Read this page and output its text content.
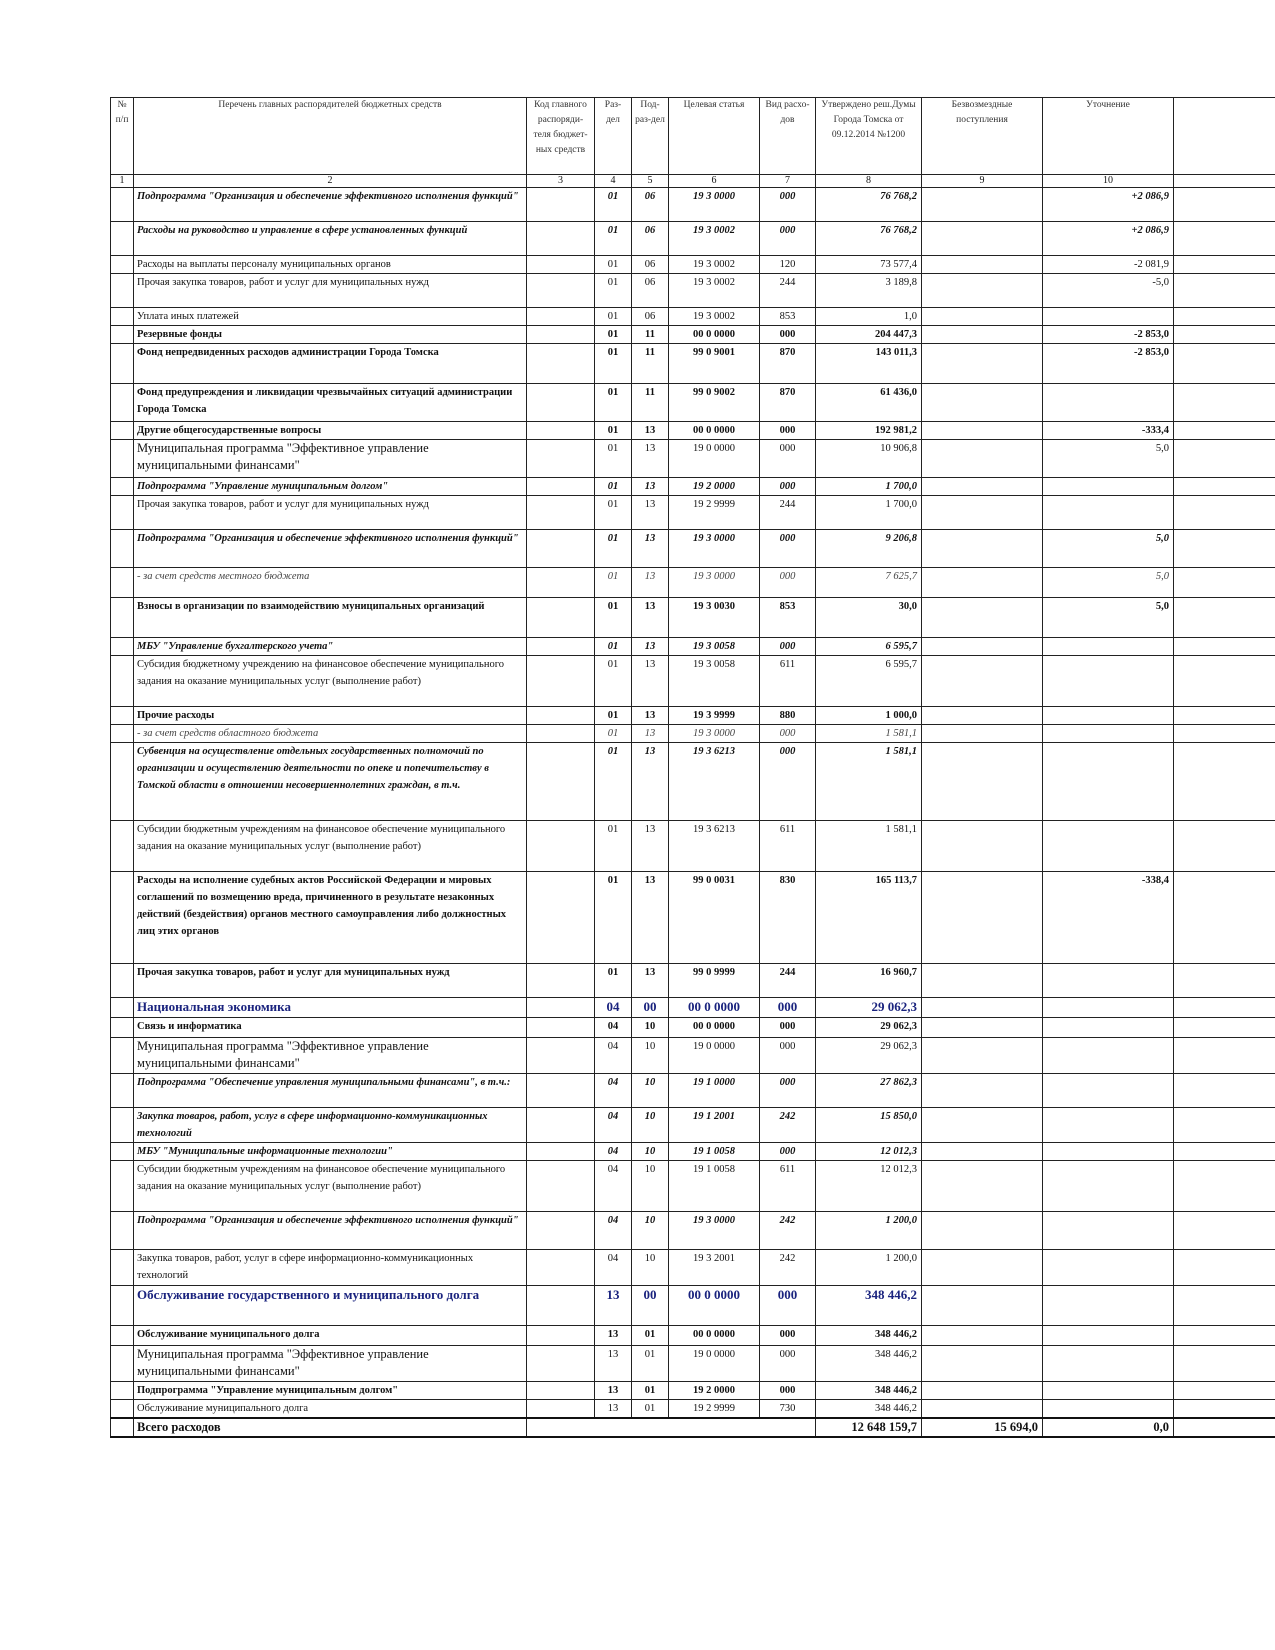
№ п/п	Перечень главных распорядителей бюджетных средств	Код главного распоряди-теля бюджет-ных средств	Раз-дел	Под-раз-дел	Целевая статья	Вид расхо-дов	Утверждено реш.Думы Города Томска от 09.12.2014 №1200	Безвозмездные поступления	Уточнение	
1	2	3	4	5	6	7	8	9	10	
	Подпрограмма "Организация и обеспечение эффективного исполнения функций"		01	06	19 3 0000	000	76 768,2		+2 086,9	
	Расходы на руководство и управление в сфере установленных функций		01	06	19 3 0002	000	76 768,2		+2 086,9	
	Расходы на выплаты персоналу муниципальных органов		01	06	19 3 0002	120	73 577,4		-2 081,9	
	Прочая закупка товаров, работ и услуг для муниципальных нужд		01	06	19 3 0002	244	3 189,8		-5,0	
	Уплата иных платежей		01	06	19 3 0002	853	1,0			
	Резервные фонды		01	11	00 0 0000	000	204 447,3		-2 853,0	
	Фонд непредвиденных расходов администрации Города Томска		01	11	99 0 9001	870	143 011,3		-2 853,0	
	Фонд предупреждения и ликвидации чрезвычайных ситуаций администрации Города Томска		01	11	99 0 9002	870	61 436,0			
	Другие общегосударственные вопросы		01	13	00 0 0000	000	192 981,2		-333,4	
	Муниципальная программа "Эффективное управление муниципальными финансами"		01	13	19 0 0000	000	10 906,8		5,0	
	Подпрограмма "Управление муниципальным долгом"		01	13	19 2 0000	000	1 700,0			
	Прочая закупка товаров, работ и услуг для муниципальных нужд		01	13	19 2 9999	244	1 700,0			
	Подпрограмма "Организация и обеспечение эффективного исполнения функций"		01	13	19 3 0000	000	9 206,8		5,0	
	- за счет средств местного бюджета		01	13	19 3 0000	000	7 625,7		5,0	
	Взносы в организации по взаимодействию муниципальных организаций		01	13	19 3 0030	853	30,0		5,0	
	МБУ "Управление бухгалтерского учета"		01	13	19 3 0058	000	6 595,7			
	Субсидия бюджетному учреждению на финансовое обеспечение муниципального задания на оказание муниципальных услуг (выполнение работ)		01	13	19 3 0058	611	6 595,7			
	Прочие расходы		01	13	19 3 9999	880	1 000,0			
	- за счет средств областного бюджета		01	13	19 3 0000	000	1 581,1			
	Субвенция на осуществление отдельных государственных полномочий по организации и осуществлению деятельности по опеке и попечительству в Томской области в отношении несовершеннолетних граждан, в т.ч.		01	13	19 3 6213	000	1 581,1			
	Субсидии бюджетным учреждениям на финансовое обеспечение муниципального задания на оказание муниципальных услуг (выполнение работ)		01	13	19 3 6213	611	1 581,1			
	Расходы на исполнение судебных актов Российской Федерации и мировых соглашений по возмещению вреда, причиненного в результате незаконных действий (бездействия) органов местного самоуправления либо должностных лиц этих органов		01	13	99 0 0031	830	165 113,7		-338,4	
	Прочая закупка товаров, работ и услуг для муниципальных нужд		01	13	99 0 9999	244	16 960,7			
	Национальная экономика		04	00	00 0 0000	000	29 062,3			
	Связь и информатика		04	10	00 0 0000	000	29 062,3			
	Муниципальная программа "Эффективное управление муниципальными финансами"		04	10	19 0 0000	000	29 062,3			
	Подпрограмма "Обеспечение управления муниципальными финансами", в т.ч.:		04	10	19 1 0000	000	27 862,3			
	Закупка товаров, работ, услуг в сфере информационно-коммуникационных технологий		04	10	19 1 2001	242	15 850,0			
	МБУ "Муниципальные информационные технологии"		04	10	19 1 0058	000	12 012,3			
	Субсидии бюджетным учреждениям на финансовое обеспечение муниципального задания на оказание муниципальных услуг (выполнение работ)		04	10	19 1 0058	611	12 012,3			
	Подпрограмма "Организация и обеспечение эффективного исполнения функций"		04	10	19 3 0000	242	1 200,0			
	Закупка товаров, работ, услуг в сфере информационно-коммуникационных технологий		04	10	19 3 2001	242	1 200,0			
	Обслуживание государственного и муниципального долга		13	00	00 0 0000	000	348 446,2			
	Обслуживание муниципального долга		13	01	00 0 0000	000	348 446,2			
	Муниципальная программа "Эффективное управление муниципальными финансами"		13	01	19 0 0000	000	348 446,2			
	Подпрограмма "Управление муниципальным долгом"		13	01	19 2 0000	000	348 446,2			
	Обслуживание муниципального долга		13	01	19 2 9999	730	348 446,2			
	Всего расходов						12 648 159,7	15 694,0	0,0	
